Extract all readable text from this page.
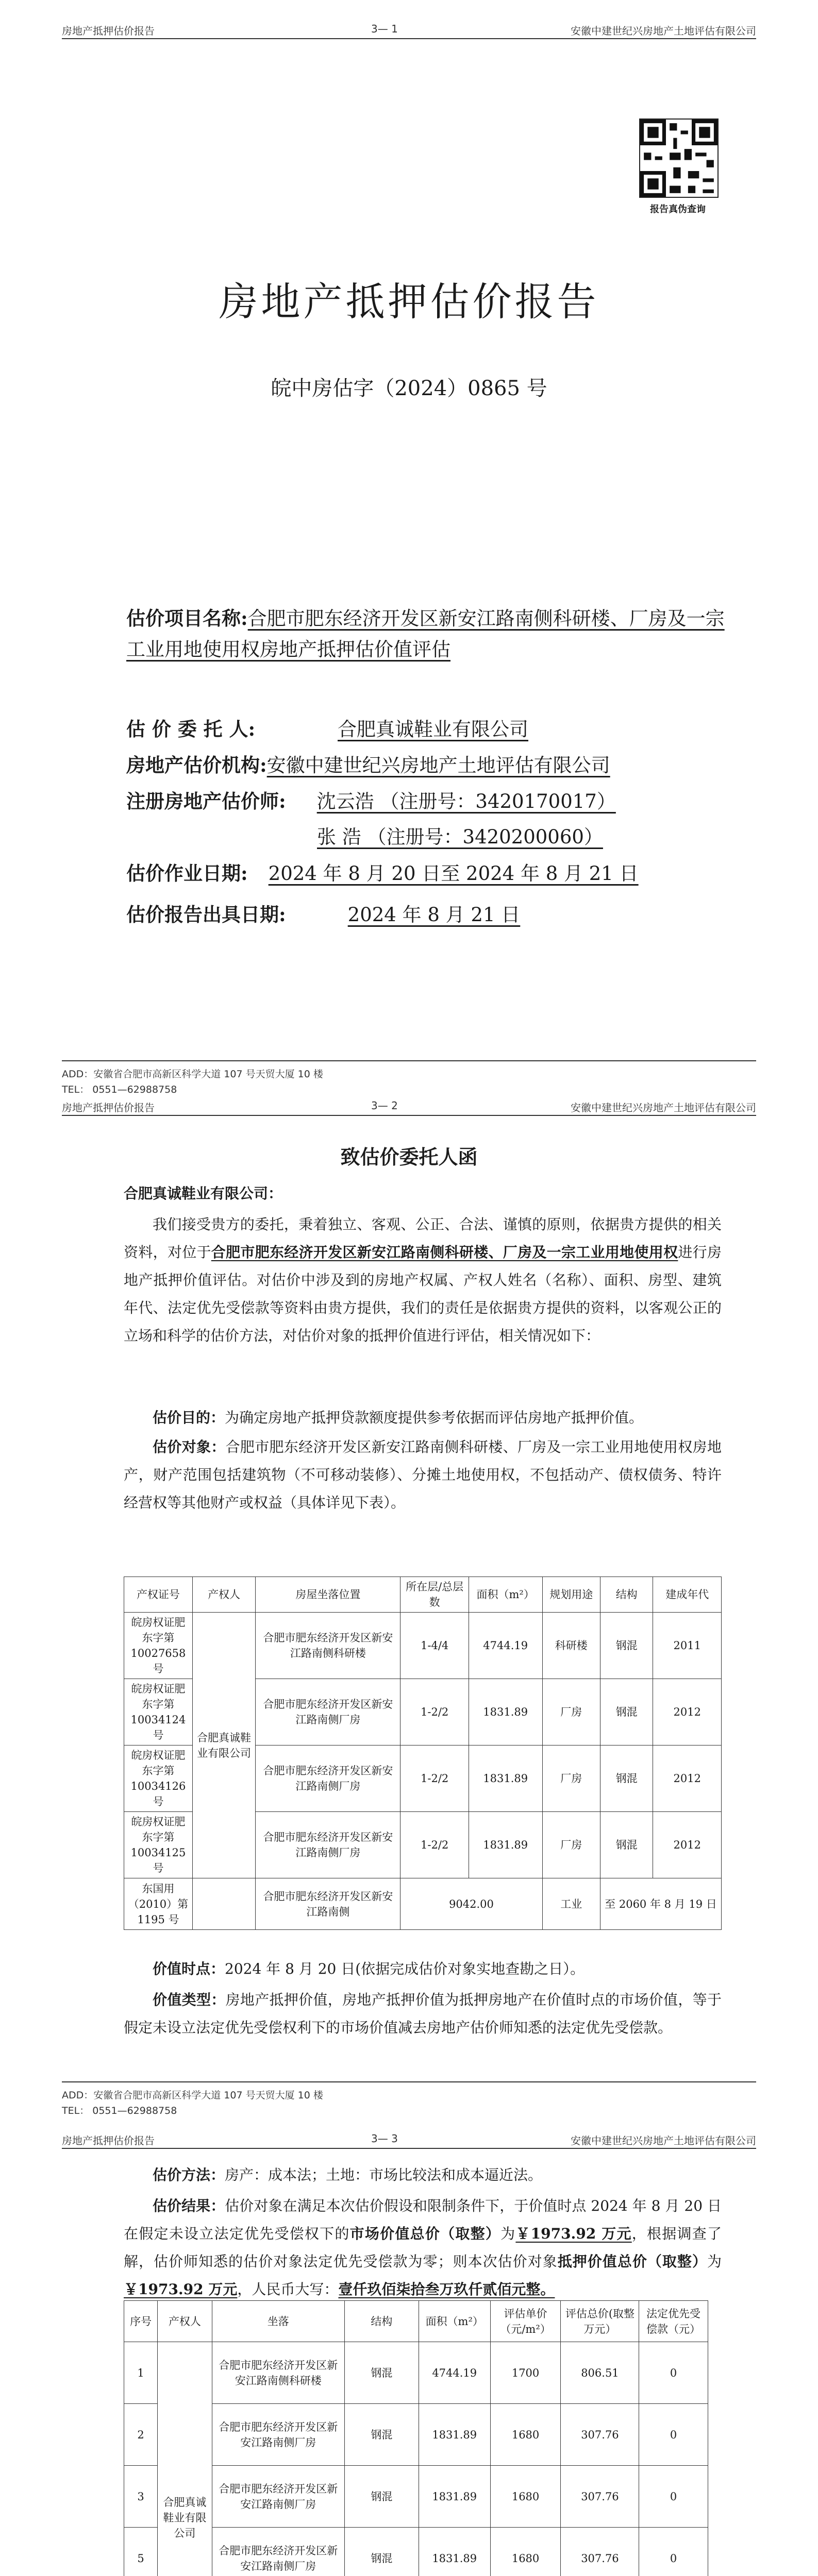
房地产抵押估价报告	3— 1	安徽中建世纪兴房地产土地评估有限公司
报告真伪查询
房地产抵押估价报告
皖中房估字（2024）0865 号
估价项目名称:合肥市肥东经济开发区新安江路南侧科研楼、厂房及一宗工业用地使用权房地产抵押估价值评估
估 价 委 托 人:	合肥真诚鞋业有限公司
房地产估价机构:安徽中建世纪兴房地产土地评估有限公司
注册房地产估价师: 沈云浩 （注册号：3420170017）
张 浩 （注册号：3420200060）
估价作业日期: 2024 年 8 月 20 日至 2024 年 8 月 21 日
估价报告出具日期:	2024 年 8 月 21 日
ADD：安徽省合肥市高新区科学大道 107 号天贸大厦 10 楼
TEL： 0551—62988758
房地产抵押估价报告	3— 2	安徽中建世纪兴房地产土地评估有限公司
致估价委托人函
合肥真诚鞋业有限公司：
我们接受贵方的委托，秉着独立、客观、公正、合法、谨慎的原则，依据贵方提供的相关资料，对位于合肥市肥东经济开发区新安江路南侧科研楼、厂房及一宗工业用地使用权进行房地产抵押价值评估。对估价中涉及到的房地产权属、产权人姓名（名称）、面积、房型、建筑年代、法定优先受偿款等资料由贵方提供，我们的责任是依据贵方提供的资料，以客观公正的立场和科学的估价方法，对估价对象的抵押价值进行评估，相关情况如下：
估价目的：为确定房地产抵押贷款额度提供参考依据而评估房地产抵押价值。
估价对象：合肥市肥东经济开发区新安江路南侧科研楼、厂房及一宗工业用地使用权房地产，财产范围包括建筑物（不可移动装修）、分摊土地使用权，不包括动产、债权债务、特许经营权等其他财产或权益（具体详见下表）。
产权证号	产权人	房屋坐落位置	所在层/总层数	面积（m²）	规划用途	结构	建成年代
皖房权证肥东字第 10027658 号	合肥真诚鞋业有限公司	合肥市肥东经济开发区新安江路南侧科研楼	1-4/4	4744.19	科研楼	钢混	2011
皖房权证肥东字第 10034124 号		合肥市肥东经济开发区新安江路南侧厂房	1-2/2	1831.89	厂房	钢混	2012
皖房权证肥东字第 10034126 号		合肥市肥东经济开发区新安江路南侧厂房	1-2/2	1831.89	厂房	钢混	2012
皖房权证肥东字第 10034125 号		合肥市肥东经济开发区新安江路南侧厂房	1-2/2	1831.89	厂房	钢混	2012
东国用（2010）第 1195 号		合肥市肥东经济开发区新安江路南侧	9042.00		工业	至 2060 年 8 月 19 日	
价值时点：2024 年 8 月 20 日(依据完成估价对象实地查勘之日）。
价值类型：房地产抵押价值，房地产抵押价值为抵押房地产在价值时点的市场价值，等于假定未设立法定优先受偿权利下的市场价值减去房地产估价师知悉的法定优先受偿款。
ADD：安徽省合肥市高新区科学大道 107 号天贸大厦 10 楼
TEL： 0551—62988758
房地产抵押估价报告	3— 3	安徽中建世纪兴房地产土地评估有限公司
估价方法：房产：成本法；土地：市场比较法和成本逼近法。
估价结果：估价对象在满足本次估价假设和限制条件下，于价值时点 2024 年 8 月 20 日在假定未设立法定优先受偿权下的市场价值总价（取整）为￥1973.92 万元，根据调查了解，估价师知悉的估价对象法定优先受偿款为零；则本次估价对象抵押价值总价（取整）为￥1973.92 万元，人民币大写：壹仟玖佰柒拾叁万玖仟贰佰元整。
序号	产权人	坐落	结构	面积（m²）	评估单价（元/m²）	评估总价(取整万元）	法定优先受偿款（元）	
1	合肥真诚鞋业有限公司	合肥市肥东经济开发区新安江路南侧科研楼	钢混	4744.19	1700	806.51	0	
2		合肥市肥东经济开发区新安江路南侧厂房	钢混	1831.89	1680	307.76	0	
3		合肥市肥东经济开发区新安江路南侧厂房	钢混	1831.89	1680	307.76	0	
5		合肥市肥东经济开发区新安江路南侧厂房	钢混	1831.89	1680	307.76	0	
